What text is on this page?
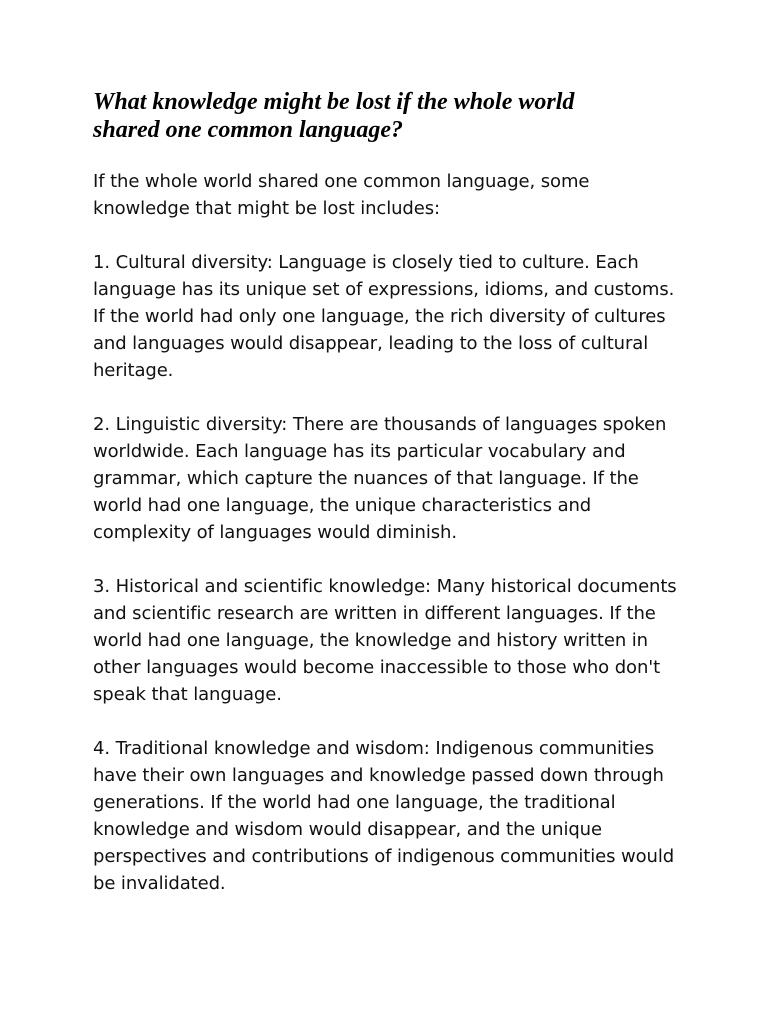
What knowledge might be lost if the whole world shared one common language?

If the whole world shared one common language, some knowledge that might be lost includes:

1. Cultural diversity: Language is closely tied to culture. Each language has its unique set of expressions, idioms, and customs. If the world had only one language, the rich diversity of cultures and languages would disappear, leading to the loss of cultural heritage.

2. Linguistic diversity: There are thousands of languages spoken worldwide. Each language has its particular vocabulary and grammar, which capture the nuances of that language. If the world had one language, the unique characteristics and complexity of languages would diminish.

3. Historical and scientific knowledge: Many historical documents and scientific research are written in different languages. If the world had one language, the knowledge and history written in other languages would become inaccessible to those who don't speak that language.

4. Traditional knowledge and wisdom: Indigenous communities have their own languages and knowledge passed down through generations. If the world had one language, the traditional knowledge and wisdom would disappear, and the unique perspectives and contributions of indigenous communities would be invalidated.
